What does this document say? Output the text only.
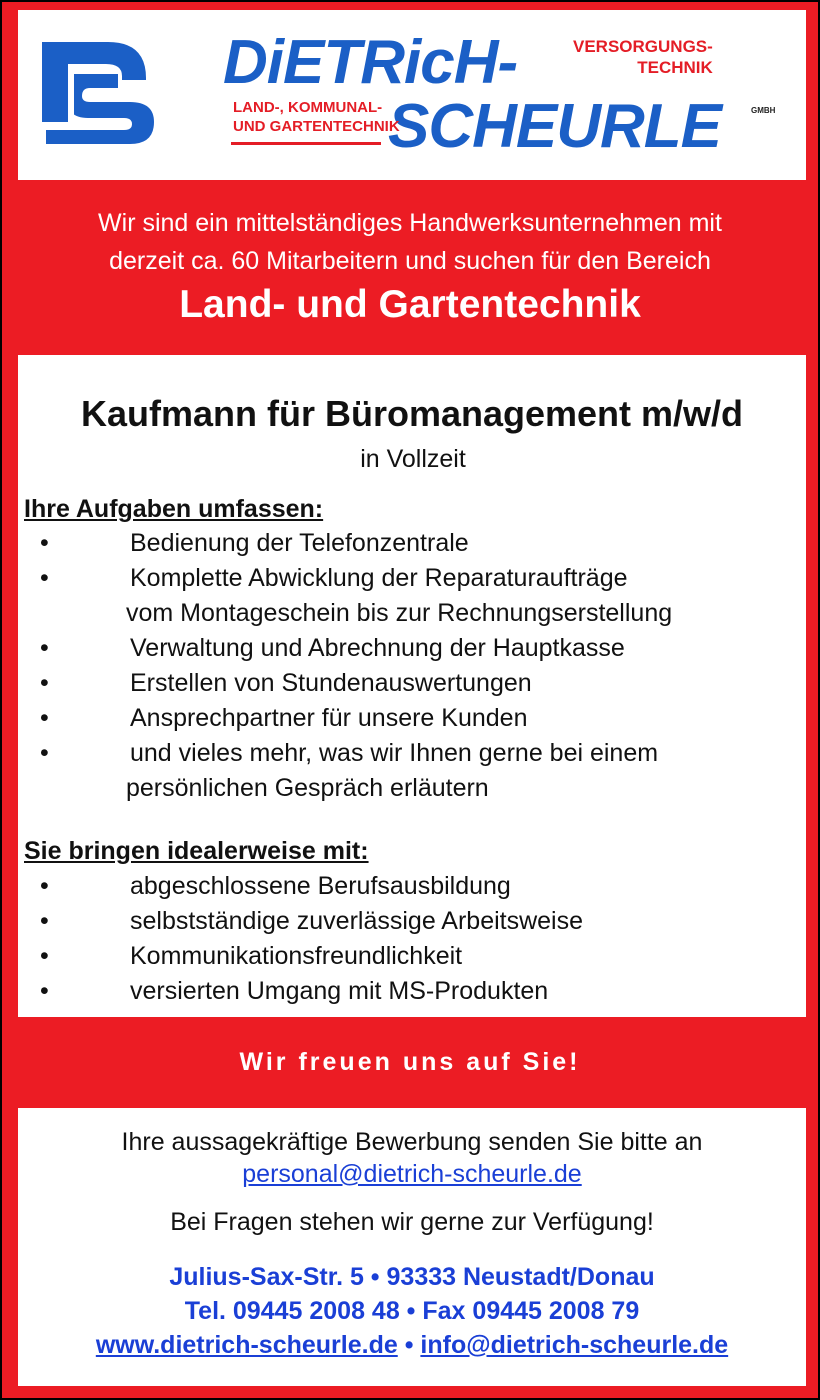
DiETRicH-
SCHEURLE
LAND-, KOMMUNAL-
UND GARTENTECHNIK
VERSORGUNGS-
TECHNIK
GMBH
Wir sind ein mittelständiges Handwerksunternehmen mit
derzeit ca. 60 Mitarbeitern und suchen für den Bereich
Land- und Gartentechnik
Kaufmann für Büromanagement m/w/d
in Vollzeit
Ihre Aufgaben umfassen:
•	Bedienung der Telefonzentrale
•	Komplette Abwicklung der Reparaturaufträge
vom Montageschein bis zur Rechnungserstellung
•	Verwaltung und Abrechnung der Hauptkasse
•	Erstellen von Stundenauswertungen
•	Ansprechpartner für unsere Kunden
•	und vieles mehr, was wir Ihnen gerne bei einem
persönlichen Gespräch erläutern
Sie bringen idealerweise mit:
•	abgeschlossene Berufsausbildung
•	selbstständige zuverlässige Arbeitsweise
•	Kommunikationsfreundlichkeit
•	versierten Umgang mit MS-Produkten
Wir freuen uns auf Sie!
Ihre aussagekräftige Bewerbung senden Sie bitte an
personal@dietrich-scheurle.de
Bei Fragen stehen wir gerne zur Verfügung!
Julius-Sax-Str. 5 • 93333 Neustadt/Donau
Tel. 09445 2008 48 • Fax 09445 2008 79
www.dietrich-scheurle.de • info@dietrich-scheurle.de
